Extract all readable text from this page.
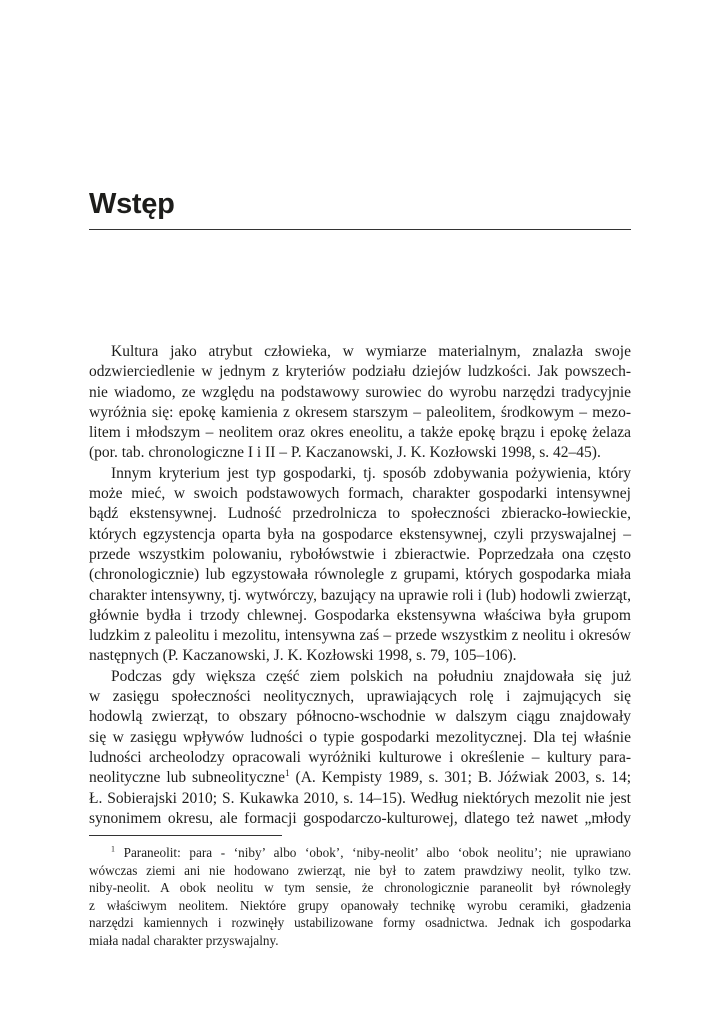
Wstęp
Kultura jako atrybut człowieka, w wymiarze materialnym, znalazła swoje
odzwierciedlenie w jednym z kryteriów podziału dziejów ludzkości. Jak powszech-
nie wiadomo, ze względu na podstawowy surowiec do wyrobu narzędzi tradycyjnie
wyróżnia się: epokę kamienia z okresem starszym – paleolitem, środkowym – mezo-
litem i młodszym – neolitem oraz okres eneolitu, a także epokę brązu i epokę żelaza
(por. tab. chronologiczne I i II – P. Kaczanowski, J. K. Kozłowski 1998, s. 42–45).
Innym kryterium jest typ gospodarki, tj. sposób zdobywania pożywienia, który
może mieć, w swoich podstawowych formach, charakter gospodarki intensywnej
bądź ekstensywnej. Ludność przedrolnicza to społeczności zbieracko-łowieckie,
których egzystencja oparta była na gospodarce ekstensywnej, czyli przyswajalnej –
przede wszystkim polowaniu, rybołówstwie i zbieractwie. Poprzedzała ona często
(chronologicznie) lub egzystowała równolegle z grupami, których gospodarka miała
charakter intensywny, tj. wytwórczy, bazujący na uprawie roli i (lub) hodowli zwierząt,
głównie bydła i trzody chlewnej. Gospodarka ekstensywna właściwa była grupom
ludzkim z paleolitu i mezolitu, intensywna zaś – przede wszystkim z neolitu i okresów
następnych (P. Kaczanowski, J. K. Kozłowski 1998, s. 79, 105–106).
Podczas gdy większa część ziem polskich na południu znajdowała się już
w zasięgu społeczności neolitycznych, uprawiających rolę i zajmujących się
hodowlą zwierząt, to obszary północno-wschodnie w dalszym ciągu znajdowały
się w zasięgu wpływów ludności o typie gospodarki mezolitycznej. Dla tej właśnie
ludności archeolodzy opracowali wyróżniki kulturowe i określenie – kultury para-
neolityczne lub subneolityczne$^1$ (A. Kempisty 1989, s. 301; B. Jóźwiak 2003, s. 14;
Ł. Sobierajski 2010; S. Kukawka 2010, s. 14–15). Według niektórych mezolit nie jest
synonimem okresu, ale formacji gospodarczo-kulturowej, dlatego też nawet „młody
$^1$ Paraneolit: para - ‘niby’ albo ‘obok’, ‘niby-neolit’ albo ‘obok neolitu’; nie uprawiano
wówczas ziemi ani nie hodowano zwierząt, nie był to zatem prawdziwy neolit, tylko tzw.
niby-neolit. A obok neolitu w tym sensie, że chronologicznie paraneolit był równoległy
z właściwym neolitem. Niektóre grupy opanowały technikę wyrobu ceramiki, gładzenia
narzędzi kamiennych i rozwinęły ustabilizowane formy osadnictwa. Jednak ich gospodarka
miała nadal charakter przyswajalny.
